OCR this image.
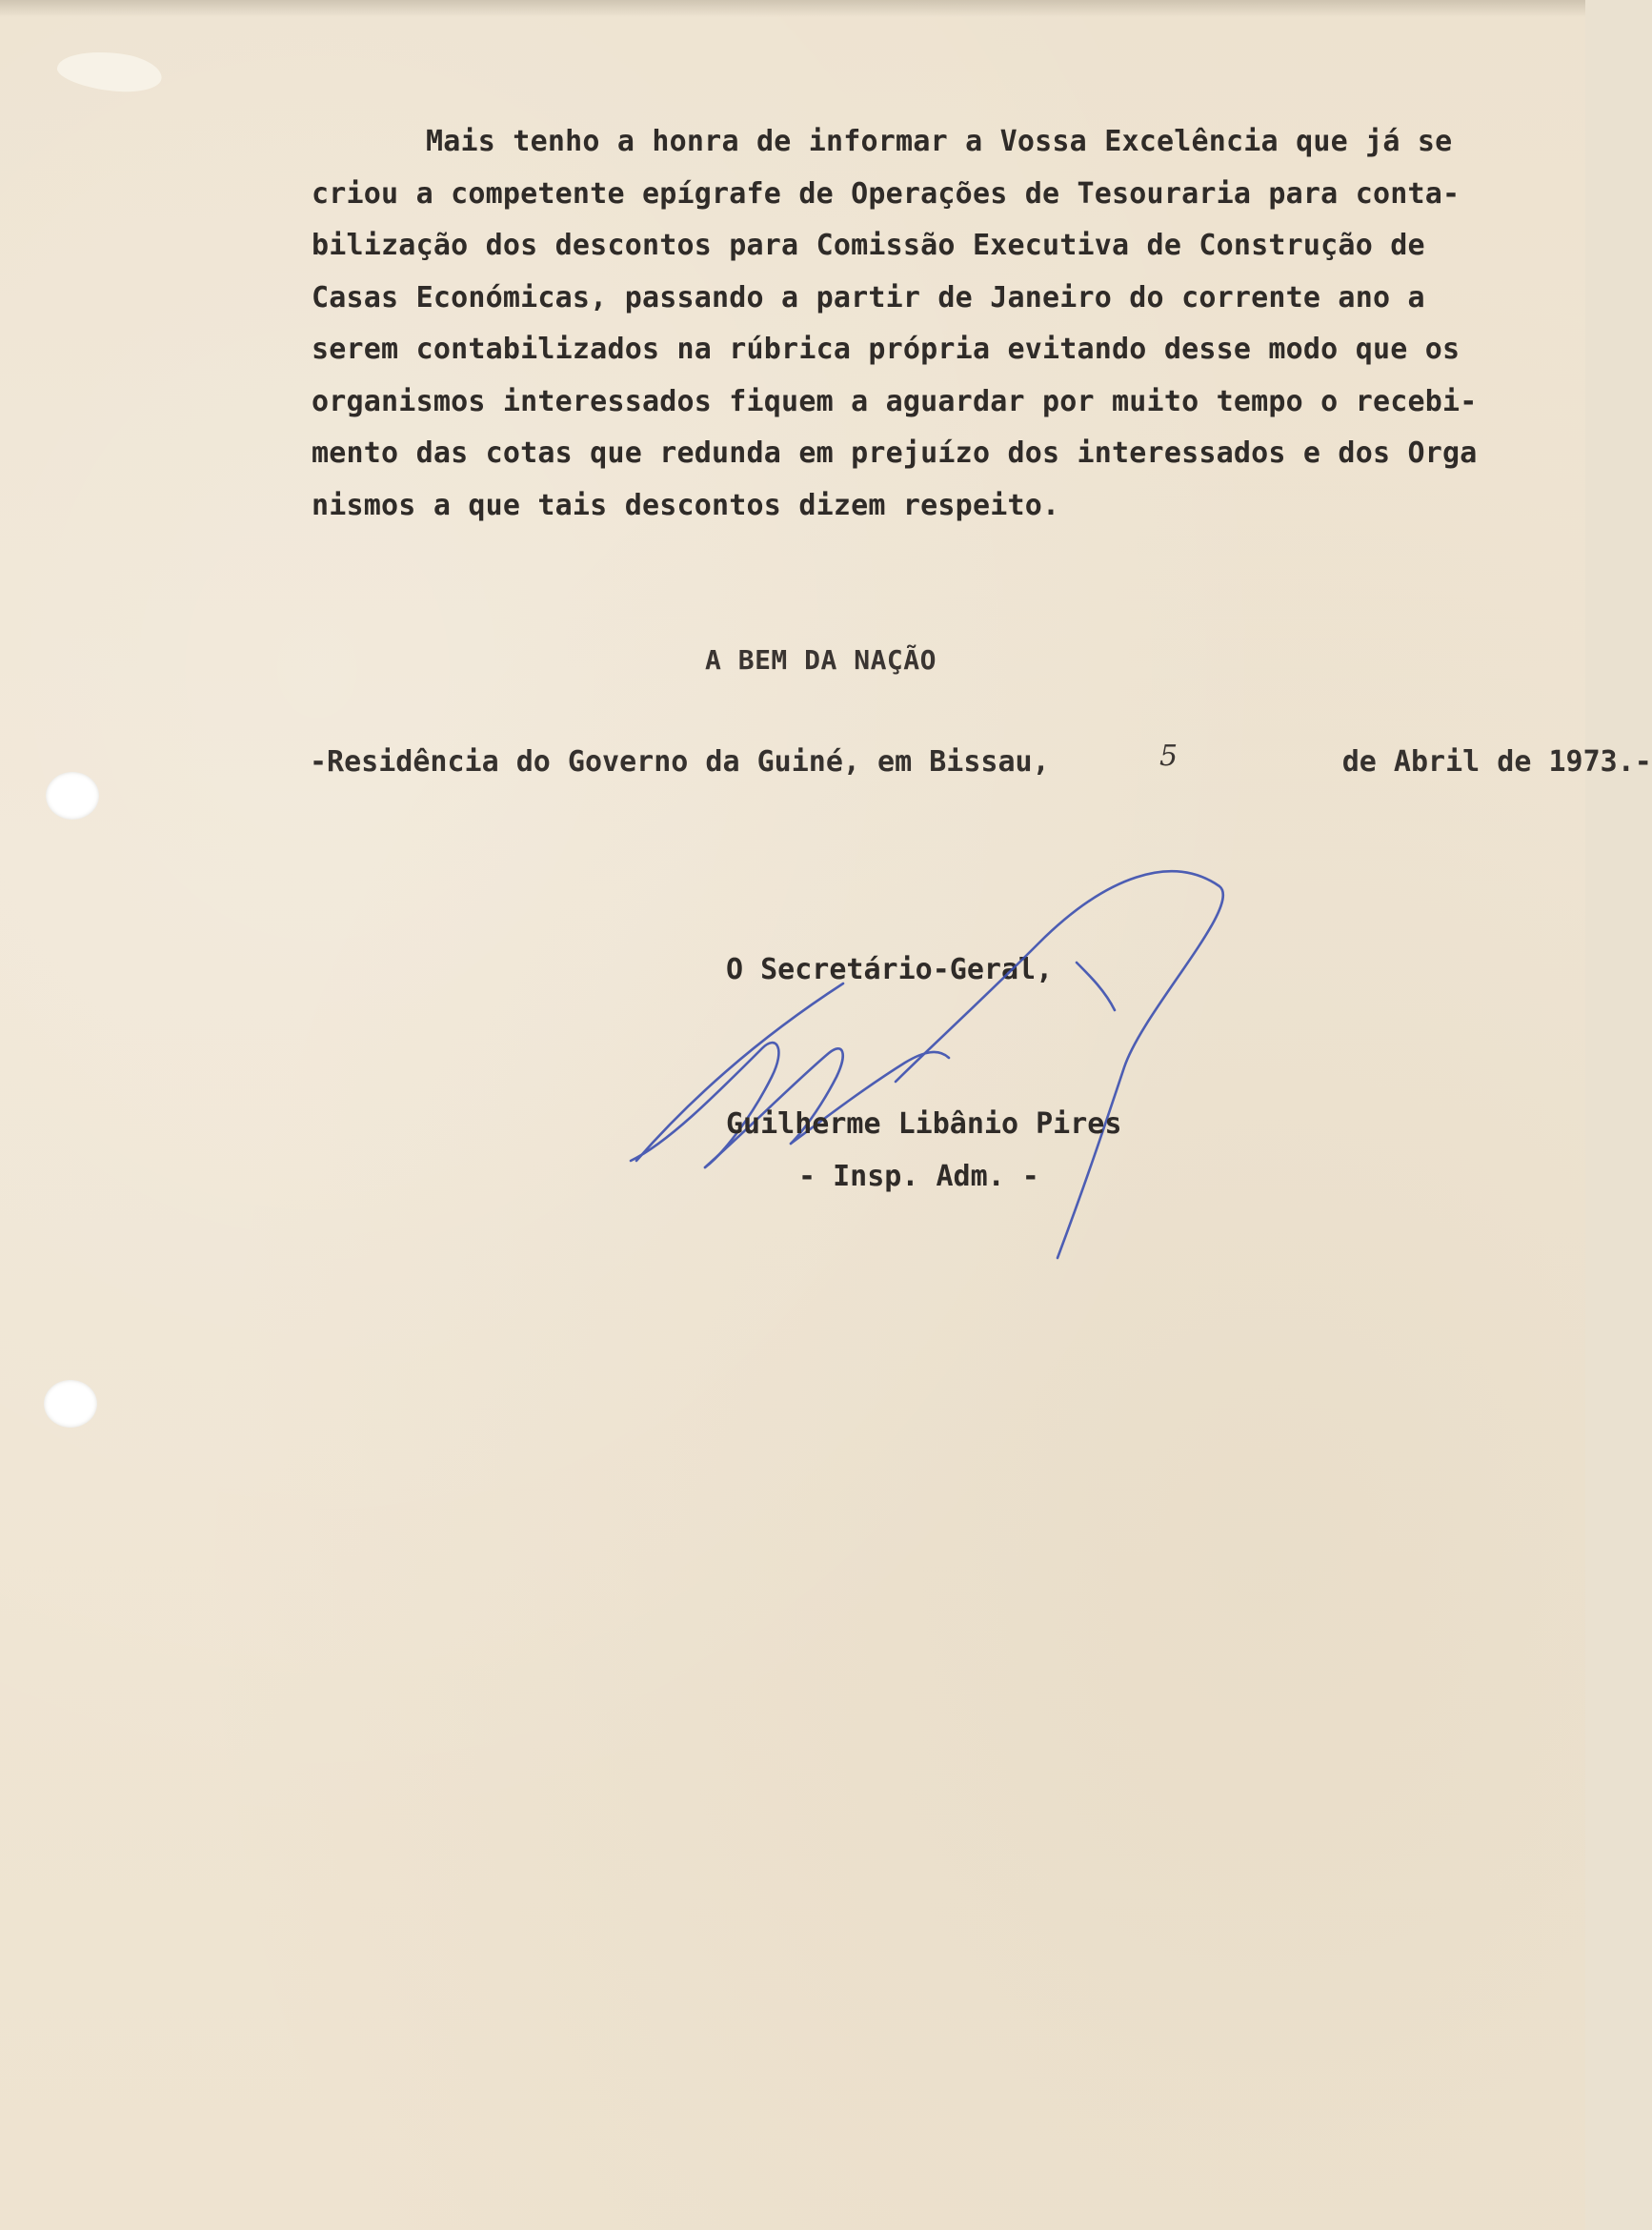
Mais tenho a honra de informar a Vossa Excelência que já se
criou a competente epígrafe de Operações de Tesouraria para conta-
bilização dos descontos para Comissão Executiva de Construção de
Casas Económicas, passando a partir de Janeiro do corrente ano a
serem contabilizados na rúbrica própria evitando desse modo que os
organismos interessados fiquem a aguardar por muito tempo o recebi-
mento das cotas que redunda em prejuízo dos interessados e dos Orga
nismos a que tais descontos dizem respeito.

A BEM DA NAÇÃO
-Residência do Governo da Guiné, em Bissau,	de Abril de 1973.-
5
O Secretário-Geral,
Guilherme Libânio Pires
- Insp. Adm. -
